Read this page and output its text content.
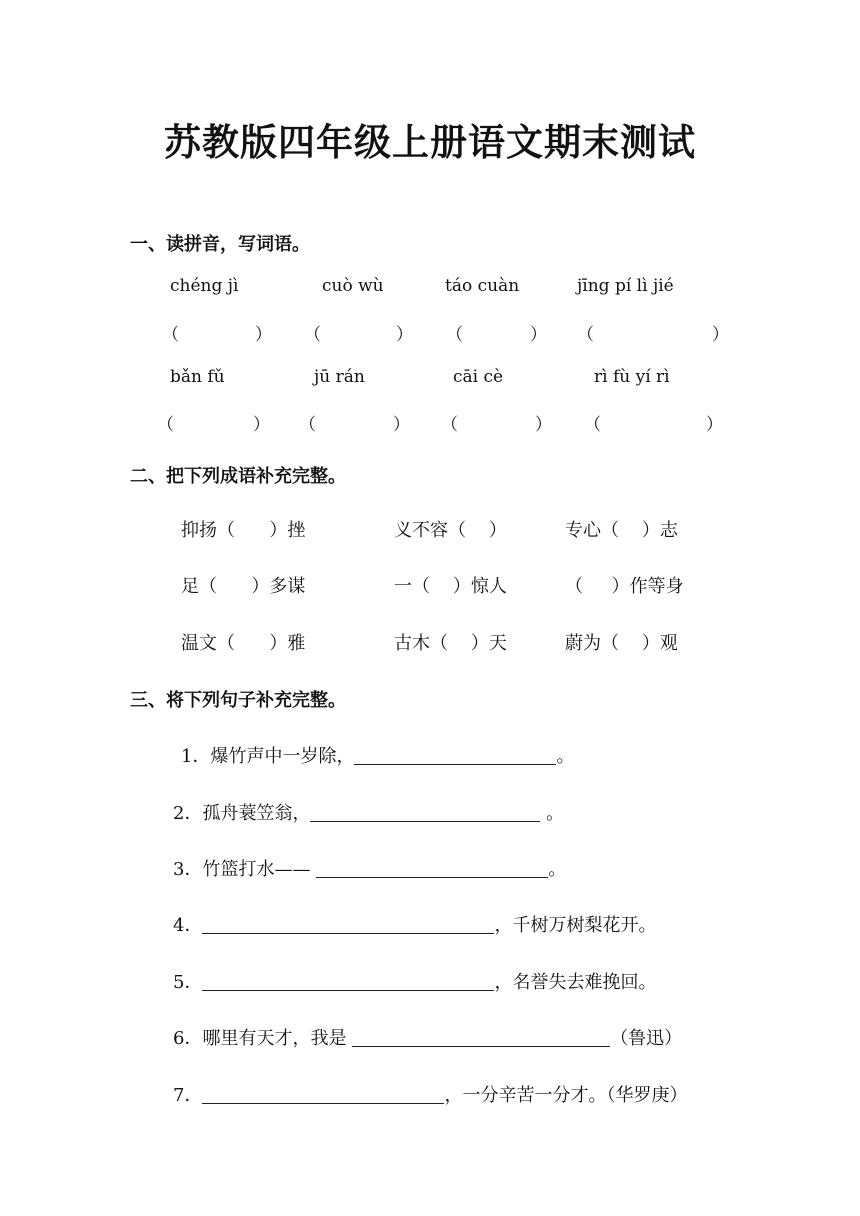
苏教版四年级上册语文期末测试
一、读拼音，写词语。
chéng jì	cuò wù	táo cuàn	jīng pí lì jié
（	） （	） （	） （	）
bǎn fǔ	jū rán	cāi cè	rì fù yí rì
（	） （	） （	） （	）
二、把下列成语补充完整。
抑扬（      ）挫	义不容（    ）	专心（    ）志
足（      ）多谋	一（    ）惊人	（     ）作等身
温文（      ）雅	古木（    ）天	蔚为（    ）观
三、将下列句子补充完整。
1．爆竹声中一岁除，	。
2．孤舟蓑笠翁，	。
3．竹篮打水——	。
4．	，千树万树梨花开。
5．	，名誉失去难挽回。
6．哪里有天才，我是	（鲁迅）
7．	，一分辛苦一分才。（华罗庚）
